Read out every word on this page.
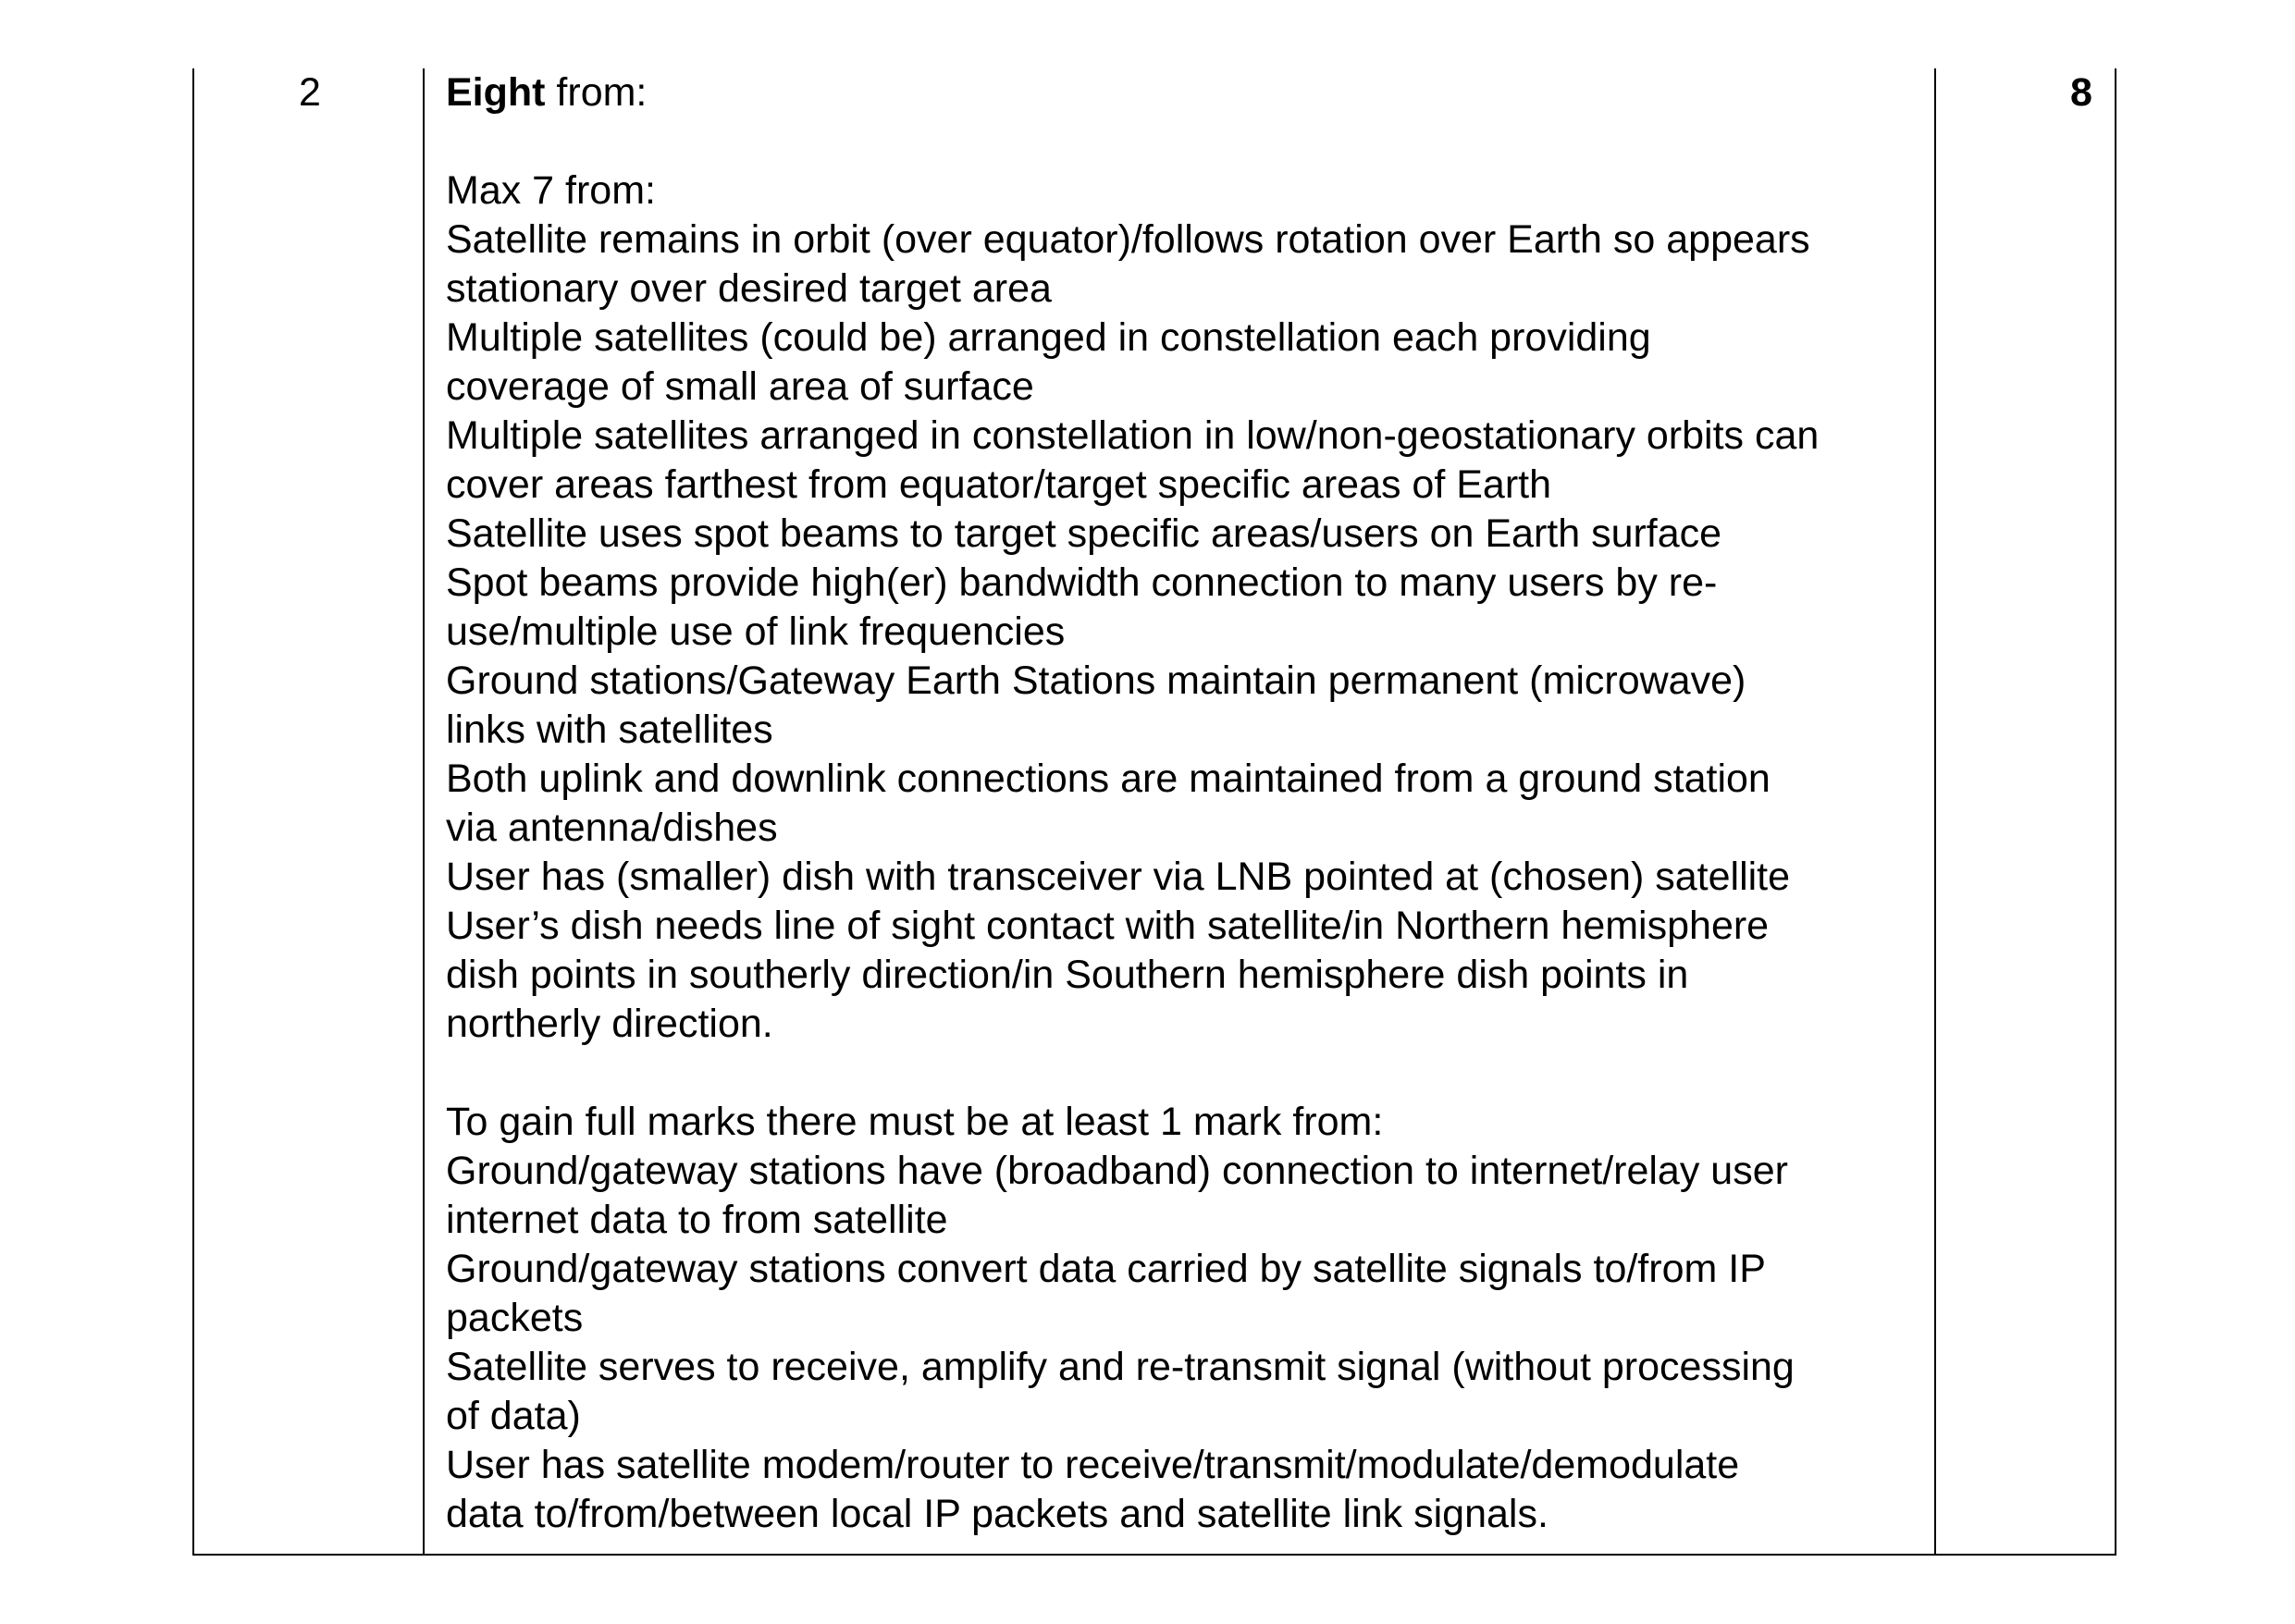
2	Eight from:
Max 7 from:
Satellite remains in orbit (over equator)/follows rotation over Earth so appears
stationary over desired target area
Multiple satellites (could be) arranged in constellation each providing
coverage of small area of surface
Multiple satellites arranged in constellation in low/non-geostationary orbits can
cover areas farthest from equator/target specific areas of Earth
Satellite uses spot beams to target specific areas/users on Earth surface
Spot beams provide high(er) bandwidth connection to many users by re-
use/multiple use of link frequencies
Ground stations/Gateway Earth Stations maintain permanent (microwave)
links with satellites
Both uplink and downlink connections are maintained from a ground station
via antenna/dishes
User has (smaller) dish with transceiver via LNB pointed at (chosen) satellite
User’s dish needs line of sight contact with satellite/in Northern hemisphere
dish points in southerly direction/in Southern hemisphere dish points in
northerly direction.
To gain full marks there must be at least 1 mark from:
Ground/gateway stations have (broadband) connection to internet/relay user
internet data to from satellite
Ground/gateway stations convert data carried by satellite signals to/from IP
packets
Satellite serves to receive, amplify and re-transmit signal (without processing
of data)
User has satellite modem/router to receive/transmit/modulate/demodulate
data to/from/between local IP packets and satellite link signals.
8
